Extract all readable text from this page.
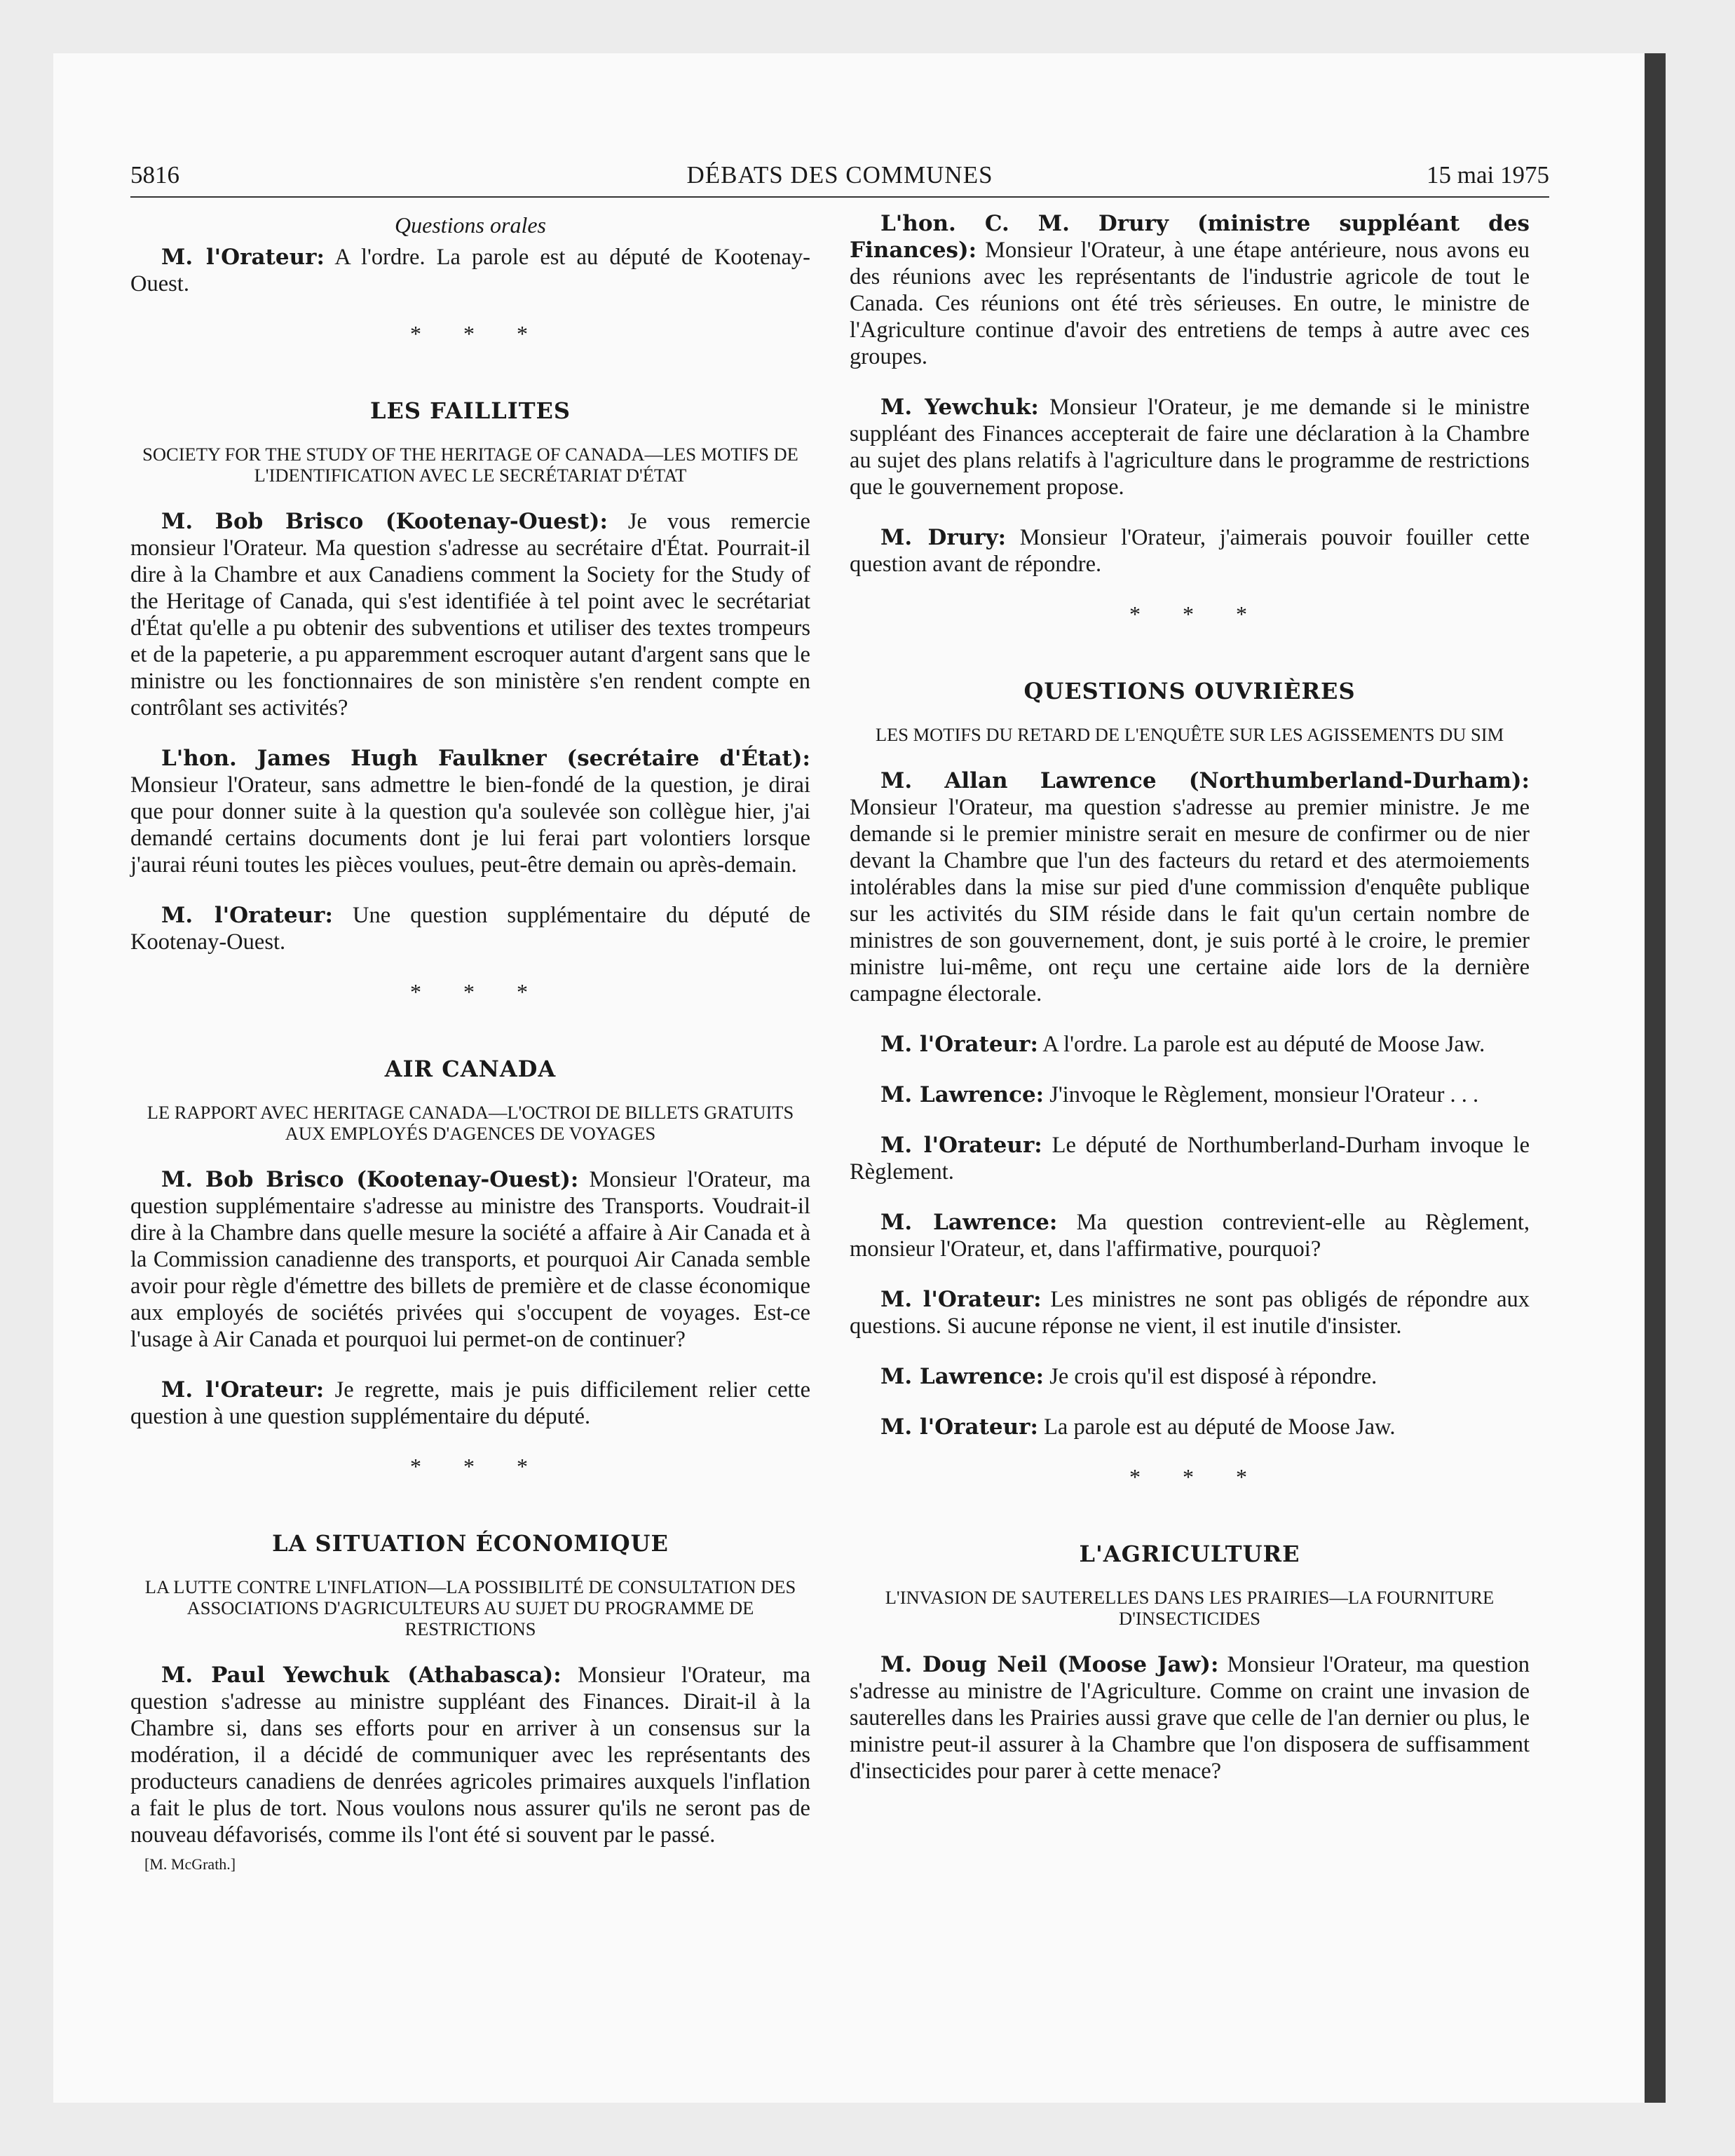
5816	DÉBATS DES COMMUNES	15 mai 1975
Questions orales

M. l'Orateur: A l'ordre. La parole est au député de Kootenay-Ouest.

* * *
LES FAILLITES
SOCIETY FOR THE STUDY OF THE HERITAGE OF CANADA—LES MOTIFS DE L'IDENTIFICATION AVEC LE SECRÉTARIAT D'ÉTAT

M. Bob Brisco (Kootenay-Ouest): Je vous remercie monsieur l'Orateur. Ma question s'adresse au secrétaire d'État. Pourrait-il dire à la Chambre et aux Canadiens comment la Society for the Study of the Heritage of Canada, qui s'est identifiée à tel point avec le secrétariat d'État qu'elle a pu obtenir des subventions et utiliser des textes trompeurs et de la papeterie, a pu apparemment escroquer autant d'argent sans que le ministre ou les fonctionnaires de son ministère s'en rendent compte en contrôlant ses activités?

L'hon. James Hugh Faulkner (secrétaire d'État): Monsieur l'Orateur, sans admettre le bien-fondé de la question, je dirai que pour donner suite à la question qu'a soulevée son collègue hier, j'ai demandé certains documents dont je lui ferai part volontiers lorsque j'aurai réuni toutes les pièces voulues, peut-être demain ou après-demain.

M. l'Orateur: Une question supplémentaire du député de Kootenay-Ouest.

* * *
AIR CANADA
LE RAPPORT AVEC HERITAGE CANADA—L'OCTROI DE BILLETS GRATUITS AUX EMPLOYÉS D'AGENCES DE VOYAGES

M. Bob Brisco (Kootenay-Ouest): Monsieur l'Orateur, ma question supplémentaire s'adresse au ministre des Transports. Voudrait-il dire à la Chambre dans quelle mesure la société a affaire à Air Canada et à la Commission canadienne des transports, et pourquoi Air Canada semble avoir pour règle d'émettre des billets de première et de classe économique aux employés de sociétés privées qui s'occupent de voyages. Est-ce l'usage à Air Canada et pourquoi lui permet-on de continuer?

M. l'Orateur: Je regrette, mais je puis difficilement relier cette question à une question supplémentaire du député.

* * *
LA SITUATION ÉCONOMIQUE
LA LUTTE CONTRE L'INFLATION—LA POSSIBILITÉ DE CONSULTATION DES ASSOCIATIONS D'AGRICULTEURS AU SUJET DU PROGRAMME DE RESTRICTIONS

M. Paul Yewchuk (Athabasca): Monsieur l'Orateur, ma question s'adresse au ministre suppléant des Finances. Dirait-il à la Chambre si, dans ses efforts pour en arriver à un consensus sur la modération, il a décidé de communiquer avec les représentants des producteurs canadiens de denrées agricoles primaires auxquels l'inflation a fait le plus de tort. Nous voulons nous assurer qu'ils ne seront pas de nouveau défavorisés, comme ils l'ont été si souvent par le passé.

[M. McGrath.]

L'hon. C. M. Drury (ministre suppléant des Finances): Monsieur l'Orateur, à une étape antérieure, nous avons eu des réunions avec les représentants de l'industrie agricole de tout le Canada. Ces réunions ont été très sérieuses. En outre, le ministre de l'Agriculture continue d'avoir des entretiens de temps à autre avec ces groupes.

M. Yewchuk: Monsieur l'Orateur, je me demande si le ministre suppléant des Finances accepterait de faire une déclaration à la Chambre au sujet des plans relatifs à l'agriculture dans le programme de restrictions que le gouvernement propose.

M. Drury: Monsieur l'Orateur, j'aimerais pouvoir fouiller cette question avant de répondre.

* * *
QUESTIONS OUVRIÈRES
LES MOTIFS DU RETARD DE L'ENQUÊTE SUR LES AGISSEMENTS DU SIM

M. Allan Lawrence (Northumberland-Durham): Monsieur l'Orateur, ma question s'adresse au premier ministre. Je me demande si le premier ministre serait en mesure de confirmer ou de nier devant la Chambre que l'un des facteurs du retard et des atermoiements intolérables dans la mise sur pied d'une commission d'enquête publique sur les activités du SIM réside dans le fait qu'un certain nombre de ministres de son gouvernement, dont, je suis porté à le croire, le premier ministre lui-même, ont reçu une certaine aide lors de la dernière campagne électorale.

M. l'Orateur: A l'ordre. La parole est au député de Moose Jaw.

M. Lawrence: J'invoque le Règlement, monsieur l'Orateur . . .

M. l'Orateur: Le député de Northumberland-Durham invoque le Règlement.

M. Lawrence: Ma question contrevient-elle au Règlement, monsieur l'Orateur, et, dans l'affirmative, pourquoi?

M. l'Orateur: Les ministres ne sont pas obligés de répondre aux questions. Si aucune réponse ne vient, il est inutile d'insister.

M. Lawrence: Je crois qu'il est disposé à répondre.

M. l'Orateur: La parole est au député de Moose Jaw.

* * *
L'AGRICULTURE
L'INVASION DE SAUTERELLES DANS LES PRAIRIES—LA FOURNITURE D'INSECTICIDES

M. Doug Neil (Moose Jaw): Monsieur l'Orateur, ma question s'adresse au ministre de l'Agriculture. Comme on craint une invasion de sauterelles dans les Prairies aussi grave que celle de l'an dernier ou plus, le ministre peut-il assurer à la Chambre que l'on disposera de suffisamment d'insecticides pour parer à cette menace?
